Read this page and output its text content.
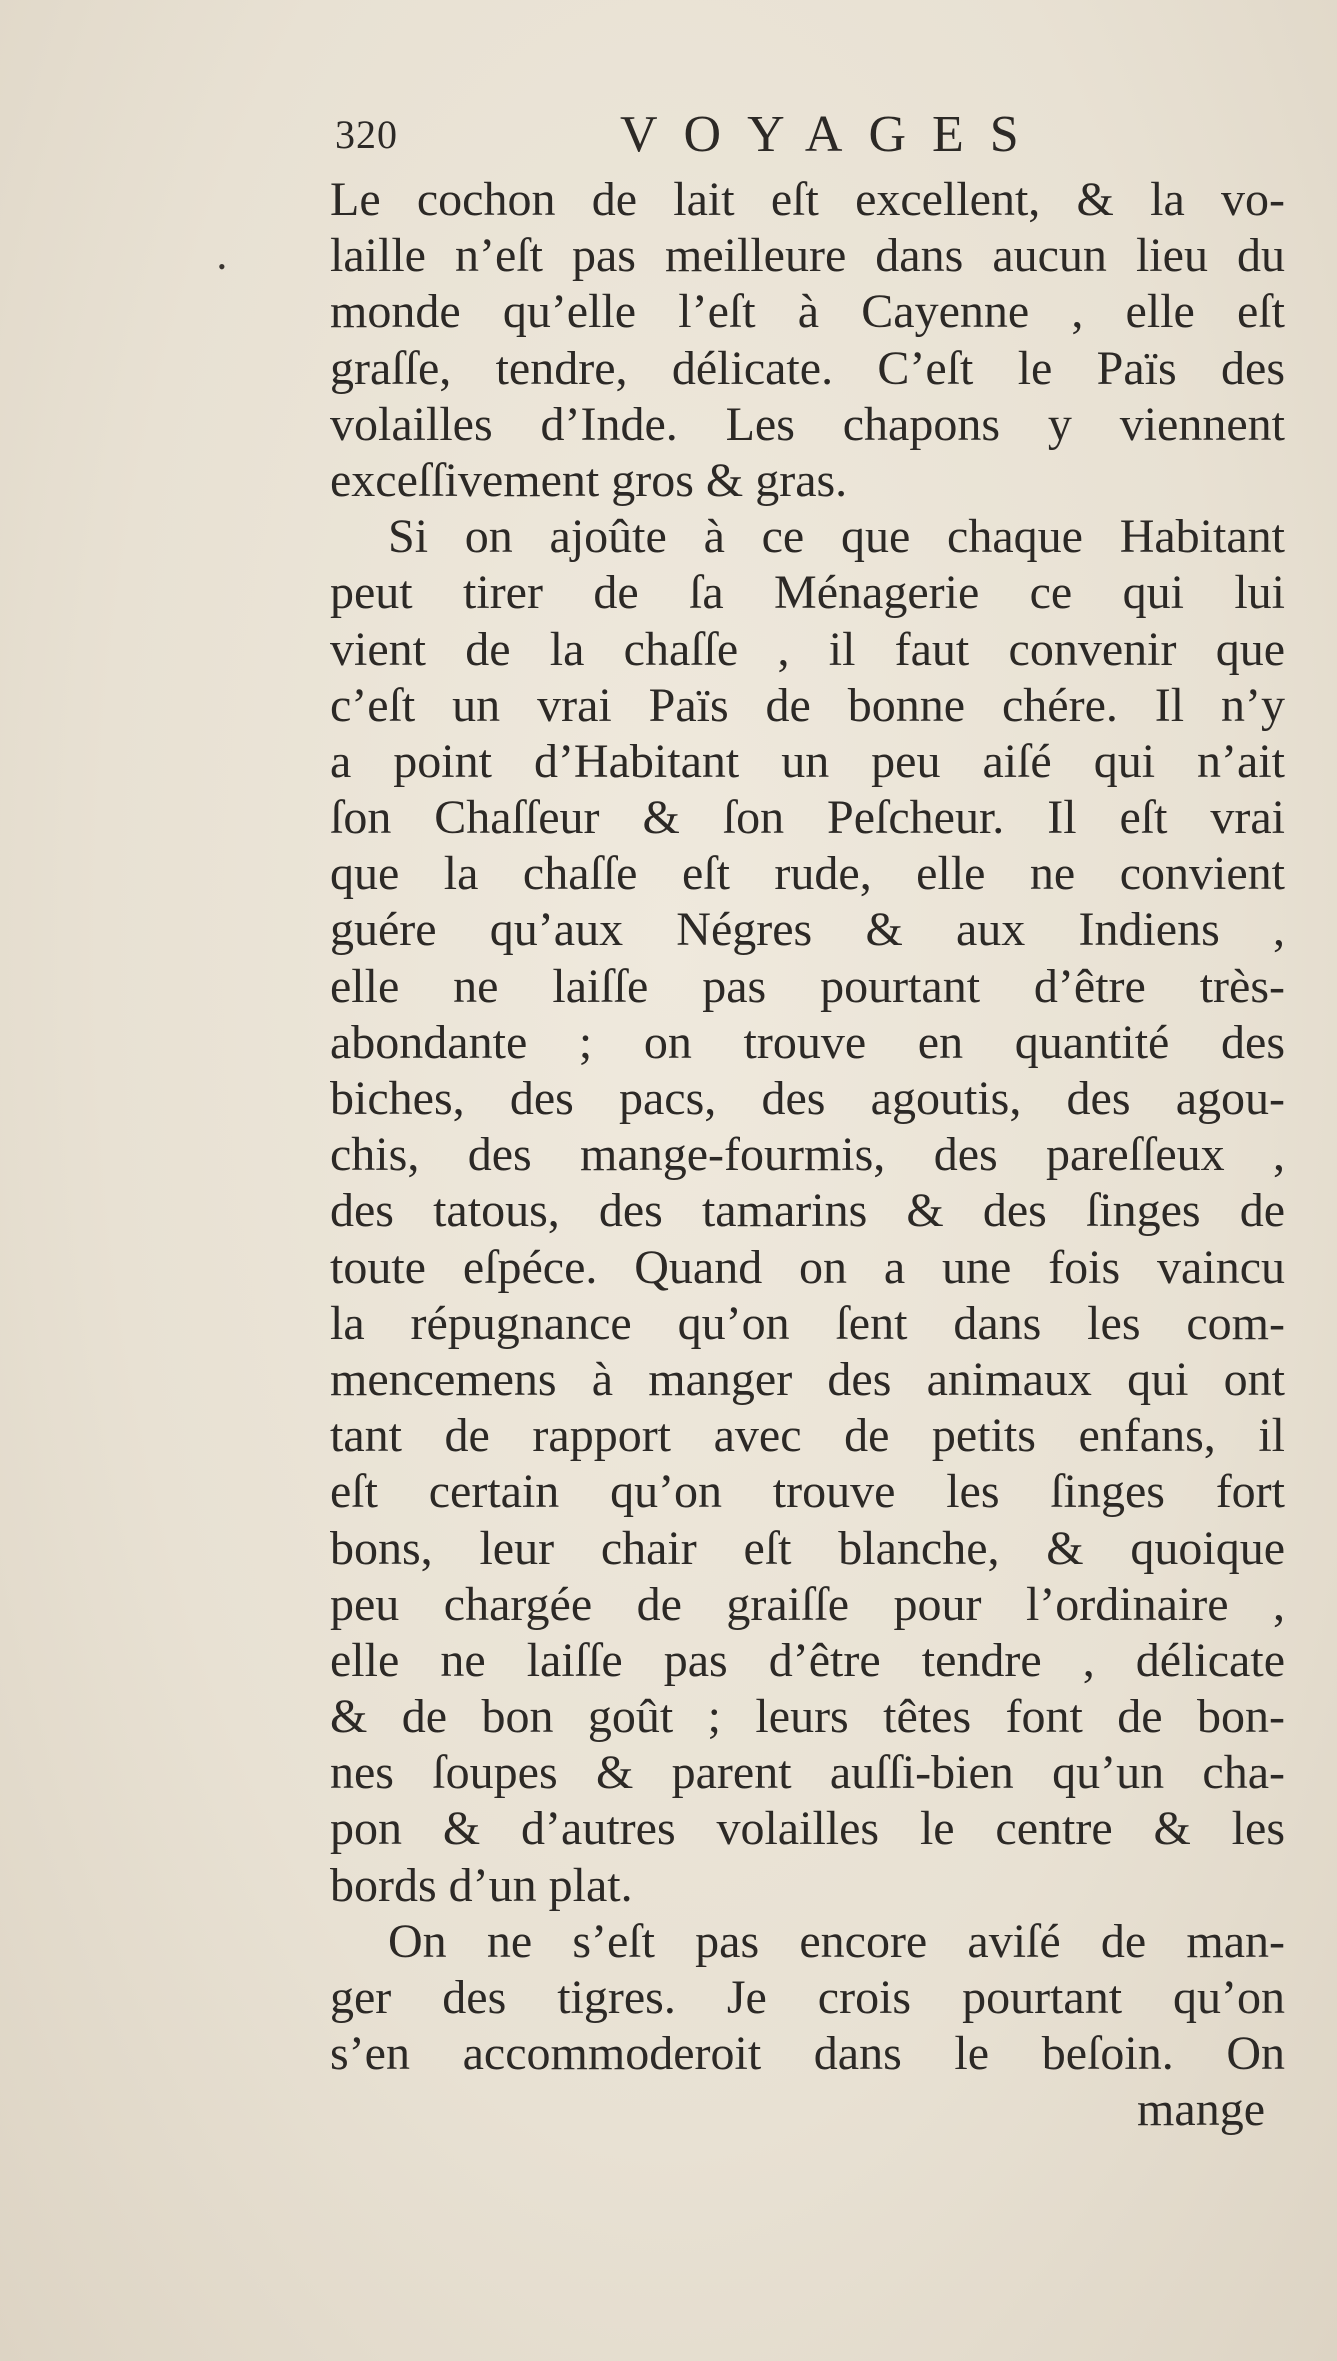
•
320	VOYAGES
Le cochon de lait eſt excellent, & la vo-
laille n’eſt pas meilleure dans aucun lieu du
monde qu’elle l’eſt à Cayenne , elle eſt
graſſe, tendre, délicate. C’eſt le Païs des
volailles d’Inde. Les chapons y viennent
exceſſivement gros & gras.
Si on ajoûte à ce que chaque Habitant
peut tirer de ſa Ménagerie ce qui lui
vient de la chaſſe , il faut convenir que
c’eſt un vrai Païs de bonne chére. Il n’y
a point d’Habitant un peu aiſé qui n’ait
ſon Chaſſeur & ſon Peſcheur. Il eſt vrai
que la chaſſe eſt rude, elle ne convient
guére qu’aux Négres & aux Indiens ,
elle ne laiſſe pas pourtant d’être très-
abondante ; on trouve en quantité des
biches, des pacs, des agoutis, des agou-
chis, des mange-fourmis, des pareſſeux ,
des tatous, des tamarins & des ſinges de
toute eſpéce. Quand on a une fois vaincu
la répugnance qu’on ſent dans les com-
mencemens à manger des animaux qui ont
tant de rapport avec de petits enfans, il
eſt certain qu’on trouve les ſinges fort
bons, leur chair eſt blanche, & quoique
peu chargée de graiſſe pour l’ordinaire ,
elle ne laiſſe pas d’être tendre , délicate
& de bon goût ; leurs têtes font de bon-
nes ſoupes & parent auſſi-bien qu’un cha-
pon & d’autres volailles le centre & les
bords d’un plat.
On ne s’eſt pas encore aviſé de man-
ger des tigres. Je crois pourtant qu’on
s’en accommoderoit dans le beſoin. On
mange
